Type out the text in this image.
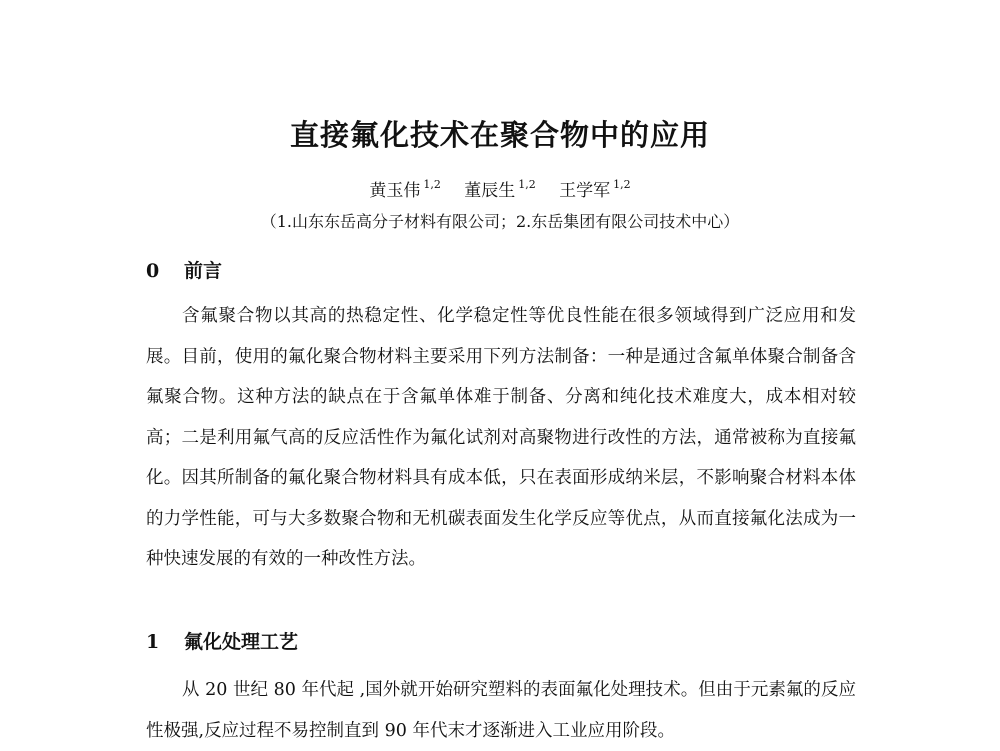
直接氟化技术在聚合物中的应用
黄玉伟 $^{1,2}$ 董辰生 $^{1,2}$ 王学军 $^{1,2}$
（1.山东东岳高分子材料有限公司；2.东岳集团有限公司技术中心）
0 前言

含氟聚合物以其高的热稳定性、化学稳定性等优良性能在很多领域得到广泛应用和发展。目前，使用的氟化聚合物材料主要采用下列方法制备：一种是通过含氟单体聚合制备含氟聚合物。这种方法的缺点在于含氟单体难于制备、分离和纯化技术难度大，成本相对较高；二是利用氟气高的反应活性作为氟化试剂对高聚物进行改性的方法，通常被称为直接氟化。因其所制备的氟化聚合物材料具有成本低，只在表面形成纳米层，不影响聚合材料本体的力学性能，可与大多数聚合物和无机碳表面发生化学反应等优点，从而直接氟化法成为一种快速发展的有效的一种改性方法。

1 氟化处理工艺

从 20 世纪 80 年代起 ,国外就开始研究塑料的表面氟化处理技术。但由于元素氟的反应性极强,反应过程不易控制直到 90 年代末才逐渐进入工业应用阶段。
